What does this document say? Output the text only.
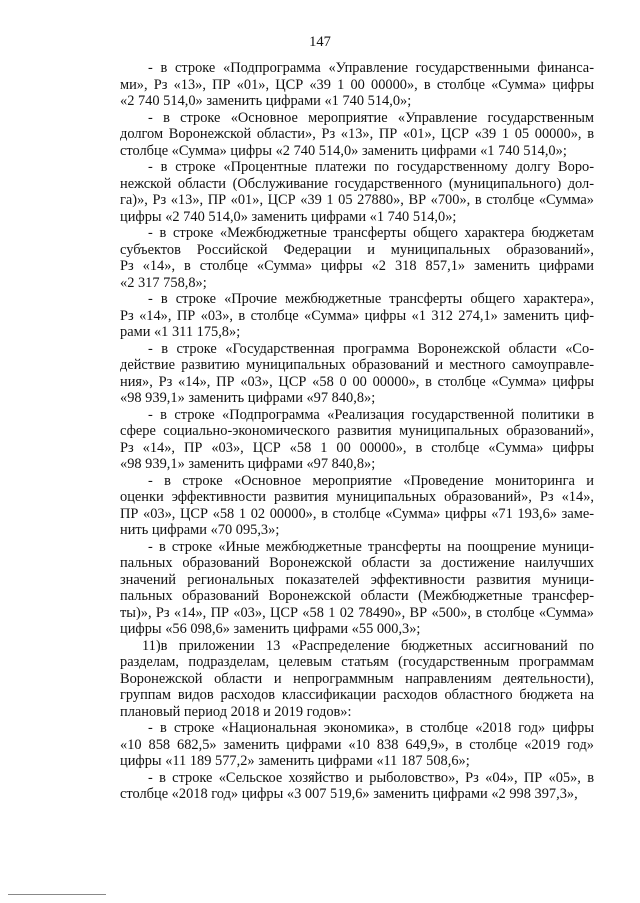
147

- в строке «Подпрограмма «Управление государственными финанса-
ми», Рз «13», ПР «01», ЦСР «39 1 00 00000», в столбце «Сумма» цифры
«2 740 514,0» заменить цифрами «1 740 514,0»;

- в строке «Основное мероприятие «Управление государственным
долгом Воронежской области», Рз «13», ПР «01», ЦСР «39 1 05 00000», в
столбце «Сумма» цифры «2 740 514,0» заменить цифрами «1 740 514,0»;

- в строке «Процентные платежи по государственному долгу Воро-
нежской области (Обслуживание государственного (муниципального) дол-
га)», Рз «13», ПР «01», ЦСР «39 1 05 27880», ВР «700», в столбце «Сумма»
цифры «2 740 514,0» заменить цифрами «1 740 514,0»;

- в строке «Межбюджетные трансферты общего характера бюджетам
субъектов Российской Федерации и муниципальных образований»,
Рз «14», в столбце «Сумма» цифры «2 318 857,1» заменить цифрами
«2 317 758,8»;

- в строке «Прочие межбюджетные трансферты общего характера»,
Рз «14», ПР «03», в столбце «Сумма» цифры «1 312 274,1» заменить циф-
рами «1 311 175,8»;

- в строке «Государственная программа Воронежской области «Со-
действие развитию муниципальных образований и местного самоуправле-
ния», Рз «14», ПР «03», ЦСР «58 0 00 00000», в столбце «Сумма» цифры
«98 939,1» заменить цифрами «97 840,8»;

- в строке «Подпрограмма «Реализация государственной политики в
сфере социально-экономического развития муниципальных образований»,
Рз «14», ПР «03», ЦСР «58 1 00 00000», в столбце «Сумма» цифры
«98 939,1» заменить цифрами «97 840,8»;

- в строке «Основное мероприятие «Проведение мониторинга и
оценки эффективности развития муниципальных образований», Рз «14»,
ПР «03», ЦСР «58 1 02 00000», в столбце «Сумма» цифры «71 193,6» заме-
нить цифрами «70 095,3»;

- в строке «Иные межбюджетные трансферты на поощрение муници-
пальных образований Воронежской области за достижение наилучших
значений региональных показателей эффективности развития муници-
пальных образований Воронежской области (Межбюджетные трансфер-
ты)», Рз «14», ПР «03», ЦСР «58 1 02 78490», ВР «500», в столбце «Сумма»
цифры «56 098,6» заменить цифрами «55 000,3»;

11)в приложении 13 «Распределение бюджетных ассигнований по
разделам, подразделам, целевым статьям (государственным программам
Воронежской области и непрограммным направлениям деятельности),
группам видов расходов классификации расходов областного бюджета на
плановый период 2018 и 2019 годов»:

- в строке «Национальная экономика», в столбце «2018 год» цифры
«10 858 682,5» заменить цифрами «10 838 649,9», в столбце «2019 год»
цифры «11 189 577,2» заменить цифрами «11 187 508,6»;

- в строке «Сельское хозяйство и рыболовство», Рз «04», ПР «05», в
столбце «2018 год» цифры «3 007 519,6» заменить цифрами «2 998 397,3»,
